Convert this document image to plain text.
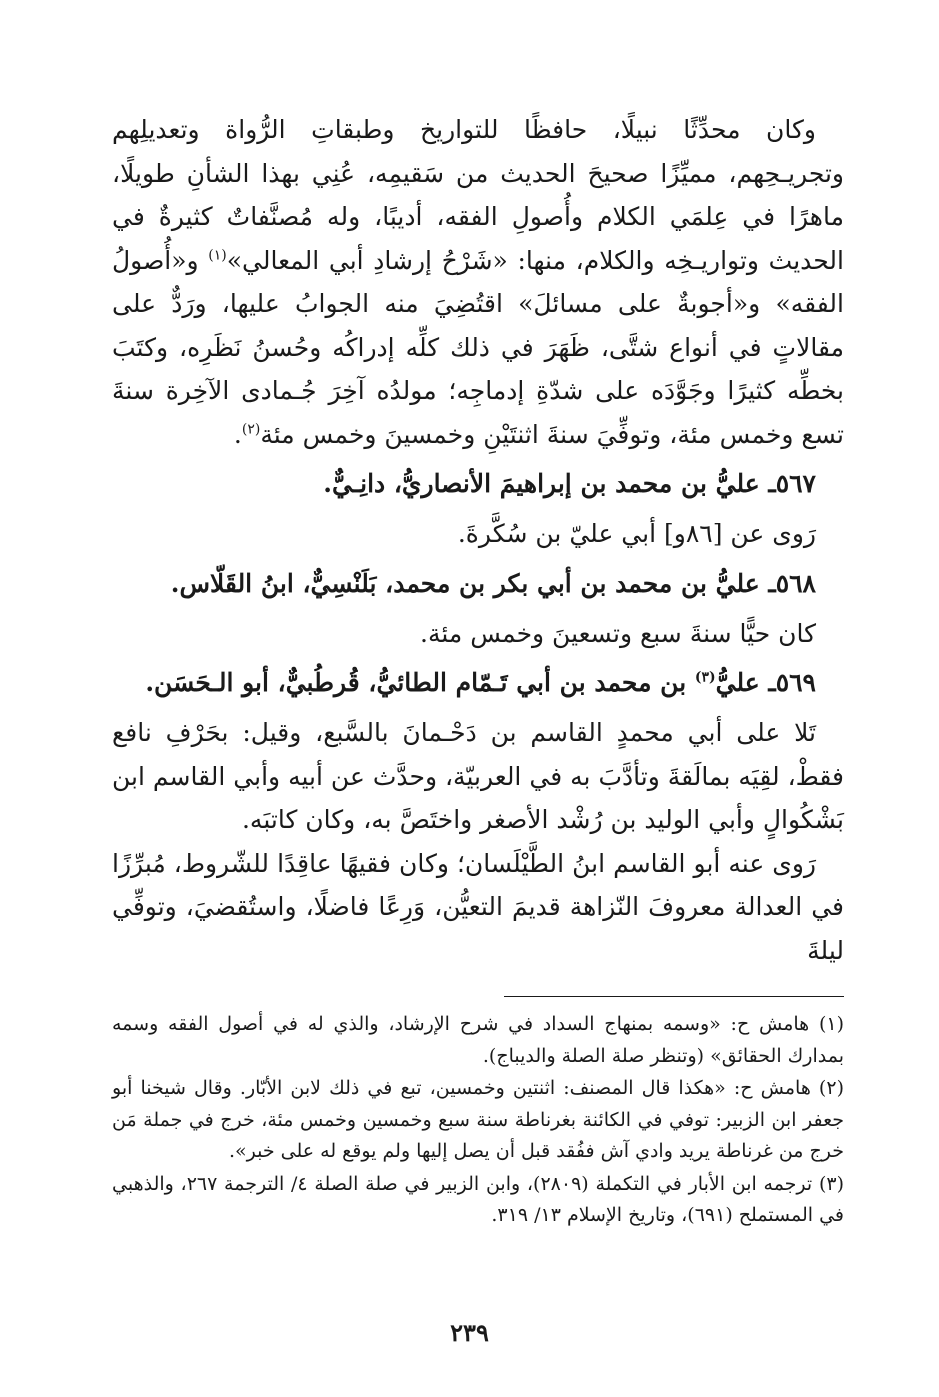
وكان محدِّثًا نبيلًا، حافظًا للتواريخ وطبقاتِ الرُّواة وتعديلِهم وتجريـحِهم، مميِّزًا صحيحَ الحديث من سَقيمِه، عُنِي بهذا الشأنِ طويلًا، ماهرًا في عِلمَي الكلام وأُصولِ الفقه، أديبًا، وله مُصنَّفاتٌ كثيرةٌ في الحديث وتواريـخِه والكلام، منها: «شَرْحُ إرشادِ أبي المعالي»$^{(١)}$ و«أُصولُ الفقه» و«أجوبةٌ على مسائلَ» اقتُضِيَ منه الجوابُ عليها، ورَدٌّ على مقالاتٍ في أنواع شتَّى، ظَهَرَ في ذلك كلِّه إدراكُه وحُسنُ نَظَرِه، وكتَبَ بخطِّه كثيرًا وجَوَّدَه على شدّةِ إدماجِه؛ مولدُه آخِرَ جُـمادى الآخِرة سنةَ تسع وخمس مئة، وتوفِّيَ سنةَ اثنتَيْنِ وخمسينَ وخمس مئة$^{(٢)}$.

٥٦٧ـ عليُّ بن محمد بن إبراهيمَ الأنصاريُّ، دانِـيٌّ.

رَوى عن [٨٦و] أبي عليّ بن سُكَّرةَ.

٥٦٨ـ عليُّ بن محمد بن أبي بكر بن محمد، بَلَنْسِيٌّ، ابنُ القَلّاس.

كان حيًّا سنةَ سبع وتسعينَ وخمس مئة.

٥٦٩ـ عليُّ$^{(٣)}$ بن محمد بن أبي تَـمّام الطائيُّ، قُرطُبيٌّ، أبو الـحَسَن.

تَلا على أبي محمدٍ القاسم بن دَحْـمانَ بالسَّبع، وقيل: بحَرْفِ نافع فقطْ، لقِيَه بمالَقةَ وتأدَّبَ به في العربيّة، وحدَّث عن أبيه وأبي القاسم ابن بَشْكُوالٍ وأبي الوليد بن رُشْد الأصغر واختَصَّ به، وكان كاتبَه.

رَوى عنه أبو القاسم ابنُ الطَّيْلَسان؛ وكان فقيهًا عاقِدًا للشّروط، مُبرِّزًا في العدالة معروفَ النّزاهة قديمَ التعيُّن، وَرِعًا فاضلًا، واستُقضيَ، وتوفِّي ليلةَ

(١) هامش ح: «وسمه بمنهاج السداد في شرح الإرشاد، والذي له في أصول الفقه وسمه بمدارك الحقائق» (وتنظر صلة الصلة والديباج).

(٢) هامش ح: «هكذا قال المصنف: اثنتين وخمسين، تبع في ذلك لابن الأبّار. وقال شيخنا أبو جعفر ابن الزبير: توفي في الكائنة بغرناطة سنة سبع وخمسين وخمس مئة، خرج في جملة مَن خرج من غرناطة يريد وادي آش ففُقد قبل أن يصل إليها ولم يوقع له على خبر».

(٣) ترجمه ابن الأبار في التكملة (٢٨٠٩)، وابن الزبير في صلة الصلة ٤/ الترجمة ٢٦٧، والذهبي في المستملح (٦٩١)، وتاريخ الإسلام ١٣/ ٣١٩.

٢٣٩
